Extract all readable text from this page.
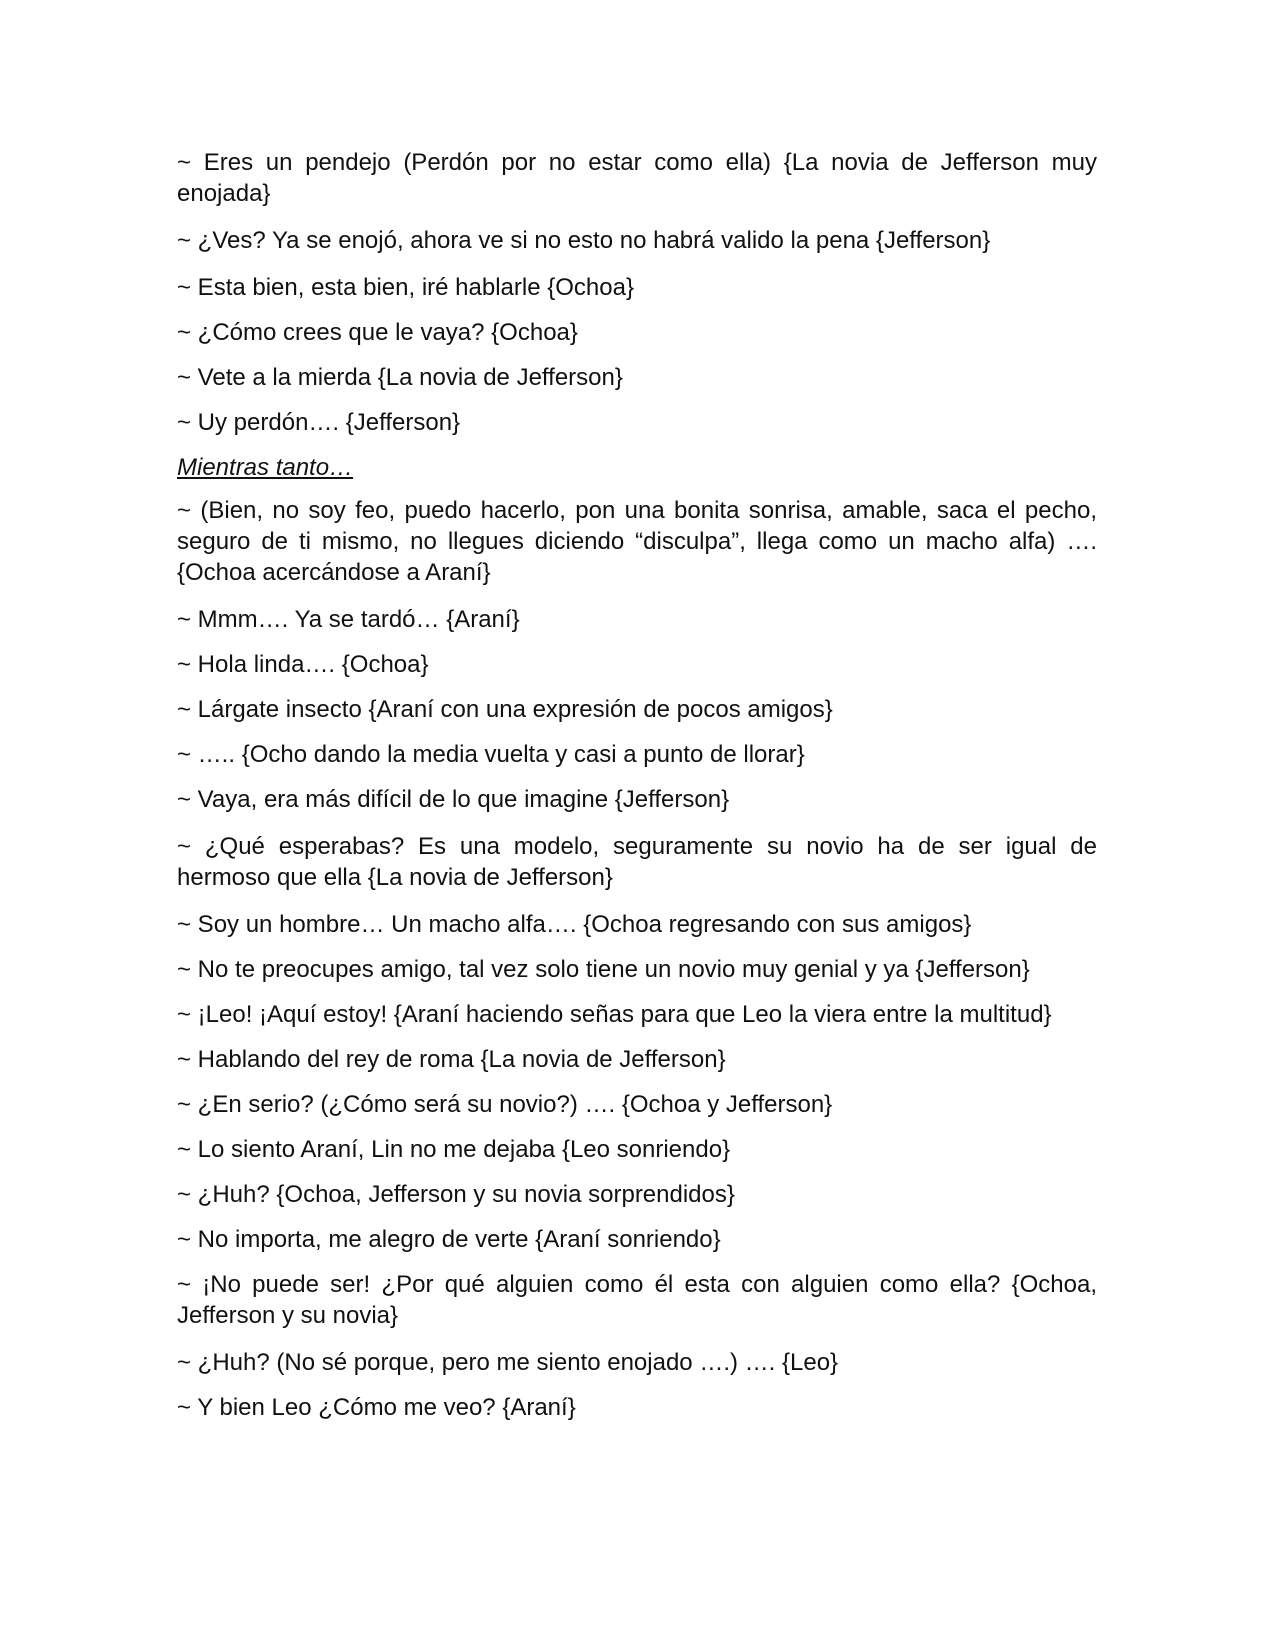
~ Eres un pendejo (Perdón por no estar como ella) {La novia de Jefferson muy enojada}

~ ¿Ves? Ya se enojó, ahora ve si no esto no habrá valido la pena {Jefferson}

~ Esta bien, esta bien, iré hablarle {Ochoa}

~ ¿Cómo crees que le vaya? {Ochoa}

~ Vete a la mierda {La novia de Jefferson}

~ Uy perdón…. {Jefferson}

Mientras tanto…

~ (Bien, no soy feo, puedo hacerlo, pon una bonita sonrisa, amable, saca el pecho, seguro de ti mismo, no llegues diciendo “disculpa”, llega como un macho alfa) …. {Ochoa acercándose a Araní}

~ Mmm…. Ya se tardó… {Araní}

~ Hola linda…. {Ochoa}

~ Lárgate insecto {Araní con una expresión de pocos amigos}

~ ….. {Ocho dando la media vuelta y casi a punto de llorar}

~ Vaya, era más difícil de lo que imagine {Jefferson}

~ ¿Qué esperabas? Es una modelo, seguramente su novio ha de ser igual de hermoso que ella {La novia de Jefferson}

~ Soy un hombre… Un macho alfa…. {Ochoa regresando con sus amigos}

~ No te preocupes amigo, tal vez solo tiene un novio muy genial y ya {Jefferson}

~ ¡Leo! ¡Aquí estoy! {Araní haciendo señas para que Leo la viera entre la multitud}

~ Hablando del rey de roma {La novia de Jefferson}

~ ¿En serio? (¿Cómo será su novio?) …. {Ochoa y Jefferson}

~ Lo siento Araní, Lin no me dejaba {Leo sonriendo}

~ ¿Huh? {Ochoa, Jefferson y su novia sorprendidos}

~ No importa, me alegro de verte {Araní sonriendo}

~ ¡No puede ser! ¿Por qué alguien como él esta con alguien como ella? {Ochoa, Jefferson y su novia}

~ ¿Huh? (No sé porque, pero me siento enojado ….) …. {Leo}

~ Y bien Leo ¿Cómo me veo? {Araní}
